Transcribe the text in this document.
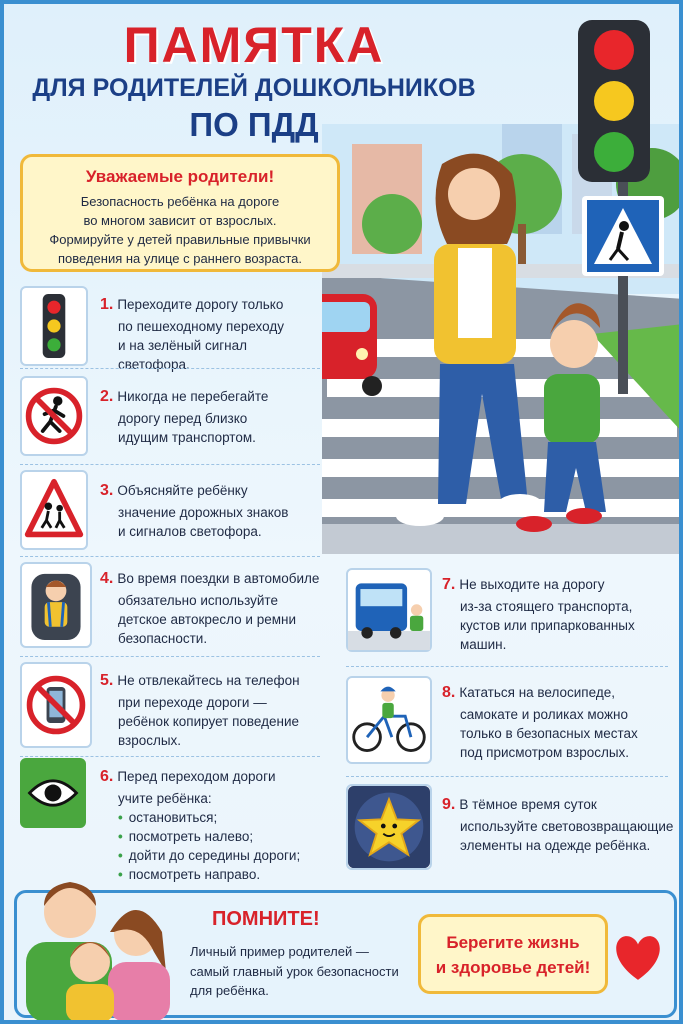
ПАМЯТКА
ДЛЯ РОДИТЕЛЕЙ ДОШКОЛЬНИКОВ
ПО ПДД
Уважаемые родители!
Безопасность ребёнка на дороге
во многом зависит от взрослых.
Формируйте у детей правильные привычки
поведения на улице с раннего возраста.
1. Переходите дорогу только
по пешеходному переходу
и на зелёный сигнал светофора.
2. Никогда не перебегайте
дорогу перед близко
идущим транспортом.
3. Объясняйте ребёнку
значение дорожных знаков
и сигналов светофора.
4. Во время поездки в автомобиле
обязательно используйте
детское автокресло и ремни
безопасности.
5. Не отвлекайтесь на телефон
при переходе дороги —
ребёнок копирует поведение
взрослых.
6. Перед переходом дороги
учите ребёнка:
• остановиться;
• посмотреть налево;
• дойти до середины дороги;
• посмотреть направо.
7. Не выходите на дорогу
из-за стоящего транспорта,
кустов или припаркованных
машин.
8. Кататься на велосипеде,
самокате и роликах можно
только в безопасных местах
под присмотром взрослых.
9. В тёмное время суток
используйте световозвращающие
элементы на одежде ребёнка.
ПОМНИТЕ!
Личный пример родителей —
самый главный урок безопасности
для ребёнка.
Берегите жизнь
и здоровье детей!
